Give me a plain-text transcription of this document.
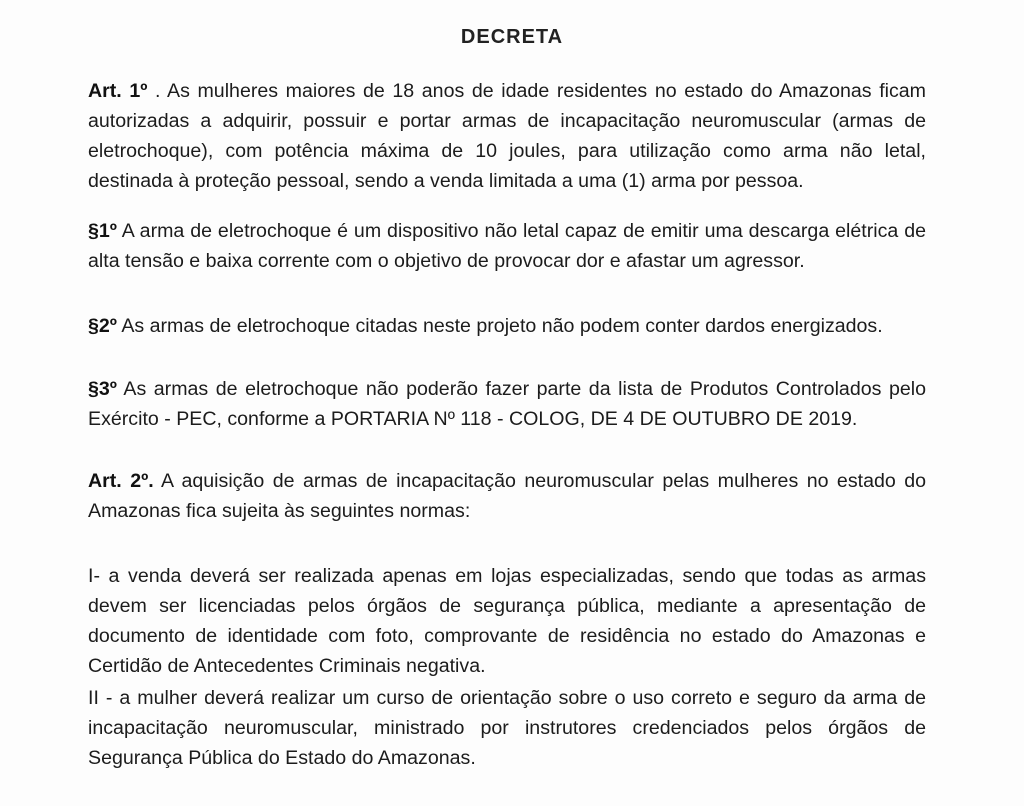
DECRETA

Art. 1º . As mulheres maiores de 18 anos de idade residentes no estado do Amazonas ficam autorizadas a adquirir, possuir e portar armas de incapacitação neuromuscular (armas de eletrochoque), com potência máxima de 10 joules, para utilização como arma não letal, destinada à proteção pessoal, sendo a venda limitada a uma (1) arma por pessoa.

§1º A arma de eletrochoque é um dispositivo não letal capaz de emitir uma descarga elétrica de alta tensão e baixa corrente com o objetivo de provocar dor e afastar um agressor.

§2º As armas de eletrochoque citadas neste projeto não podem conter dardos energizados.

§3º As armas de eletrochoque não poderão fazer parte da lista de Produtos Controlados pelo Exército - PEC, conforme a PORTARIA Nº 118 - COLOG, DE 4 DE OUTUBRO DE 2019.

Art. 2º. A aquisição de armas de incapacitação neuromuscular pelas mulheres no estado do Amazonas fica sujeita às seguintes normas:

I- a venda deverá ser realizada apenas em lojas especializadas, sendo que todas as armas devem ser licenciadas pelos órgãos de segurança pública, mediante a apresentação de documento de identidade com foto, comprovante de residência no estado do Amazonas e Certidão de Antecedentes Criminais negativa.

II - a mulher deverá realizar um curso de orientação sobre o uso correto e seguro da arma de incapacitação neuromuscular, ministrado por instrutores credenciados pelos órgãos de Segurança Pública do Estado do Amazonas.
